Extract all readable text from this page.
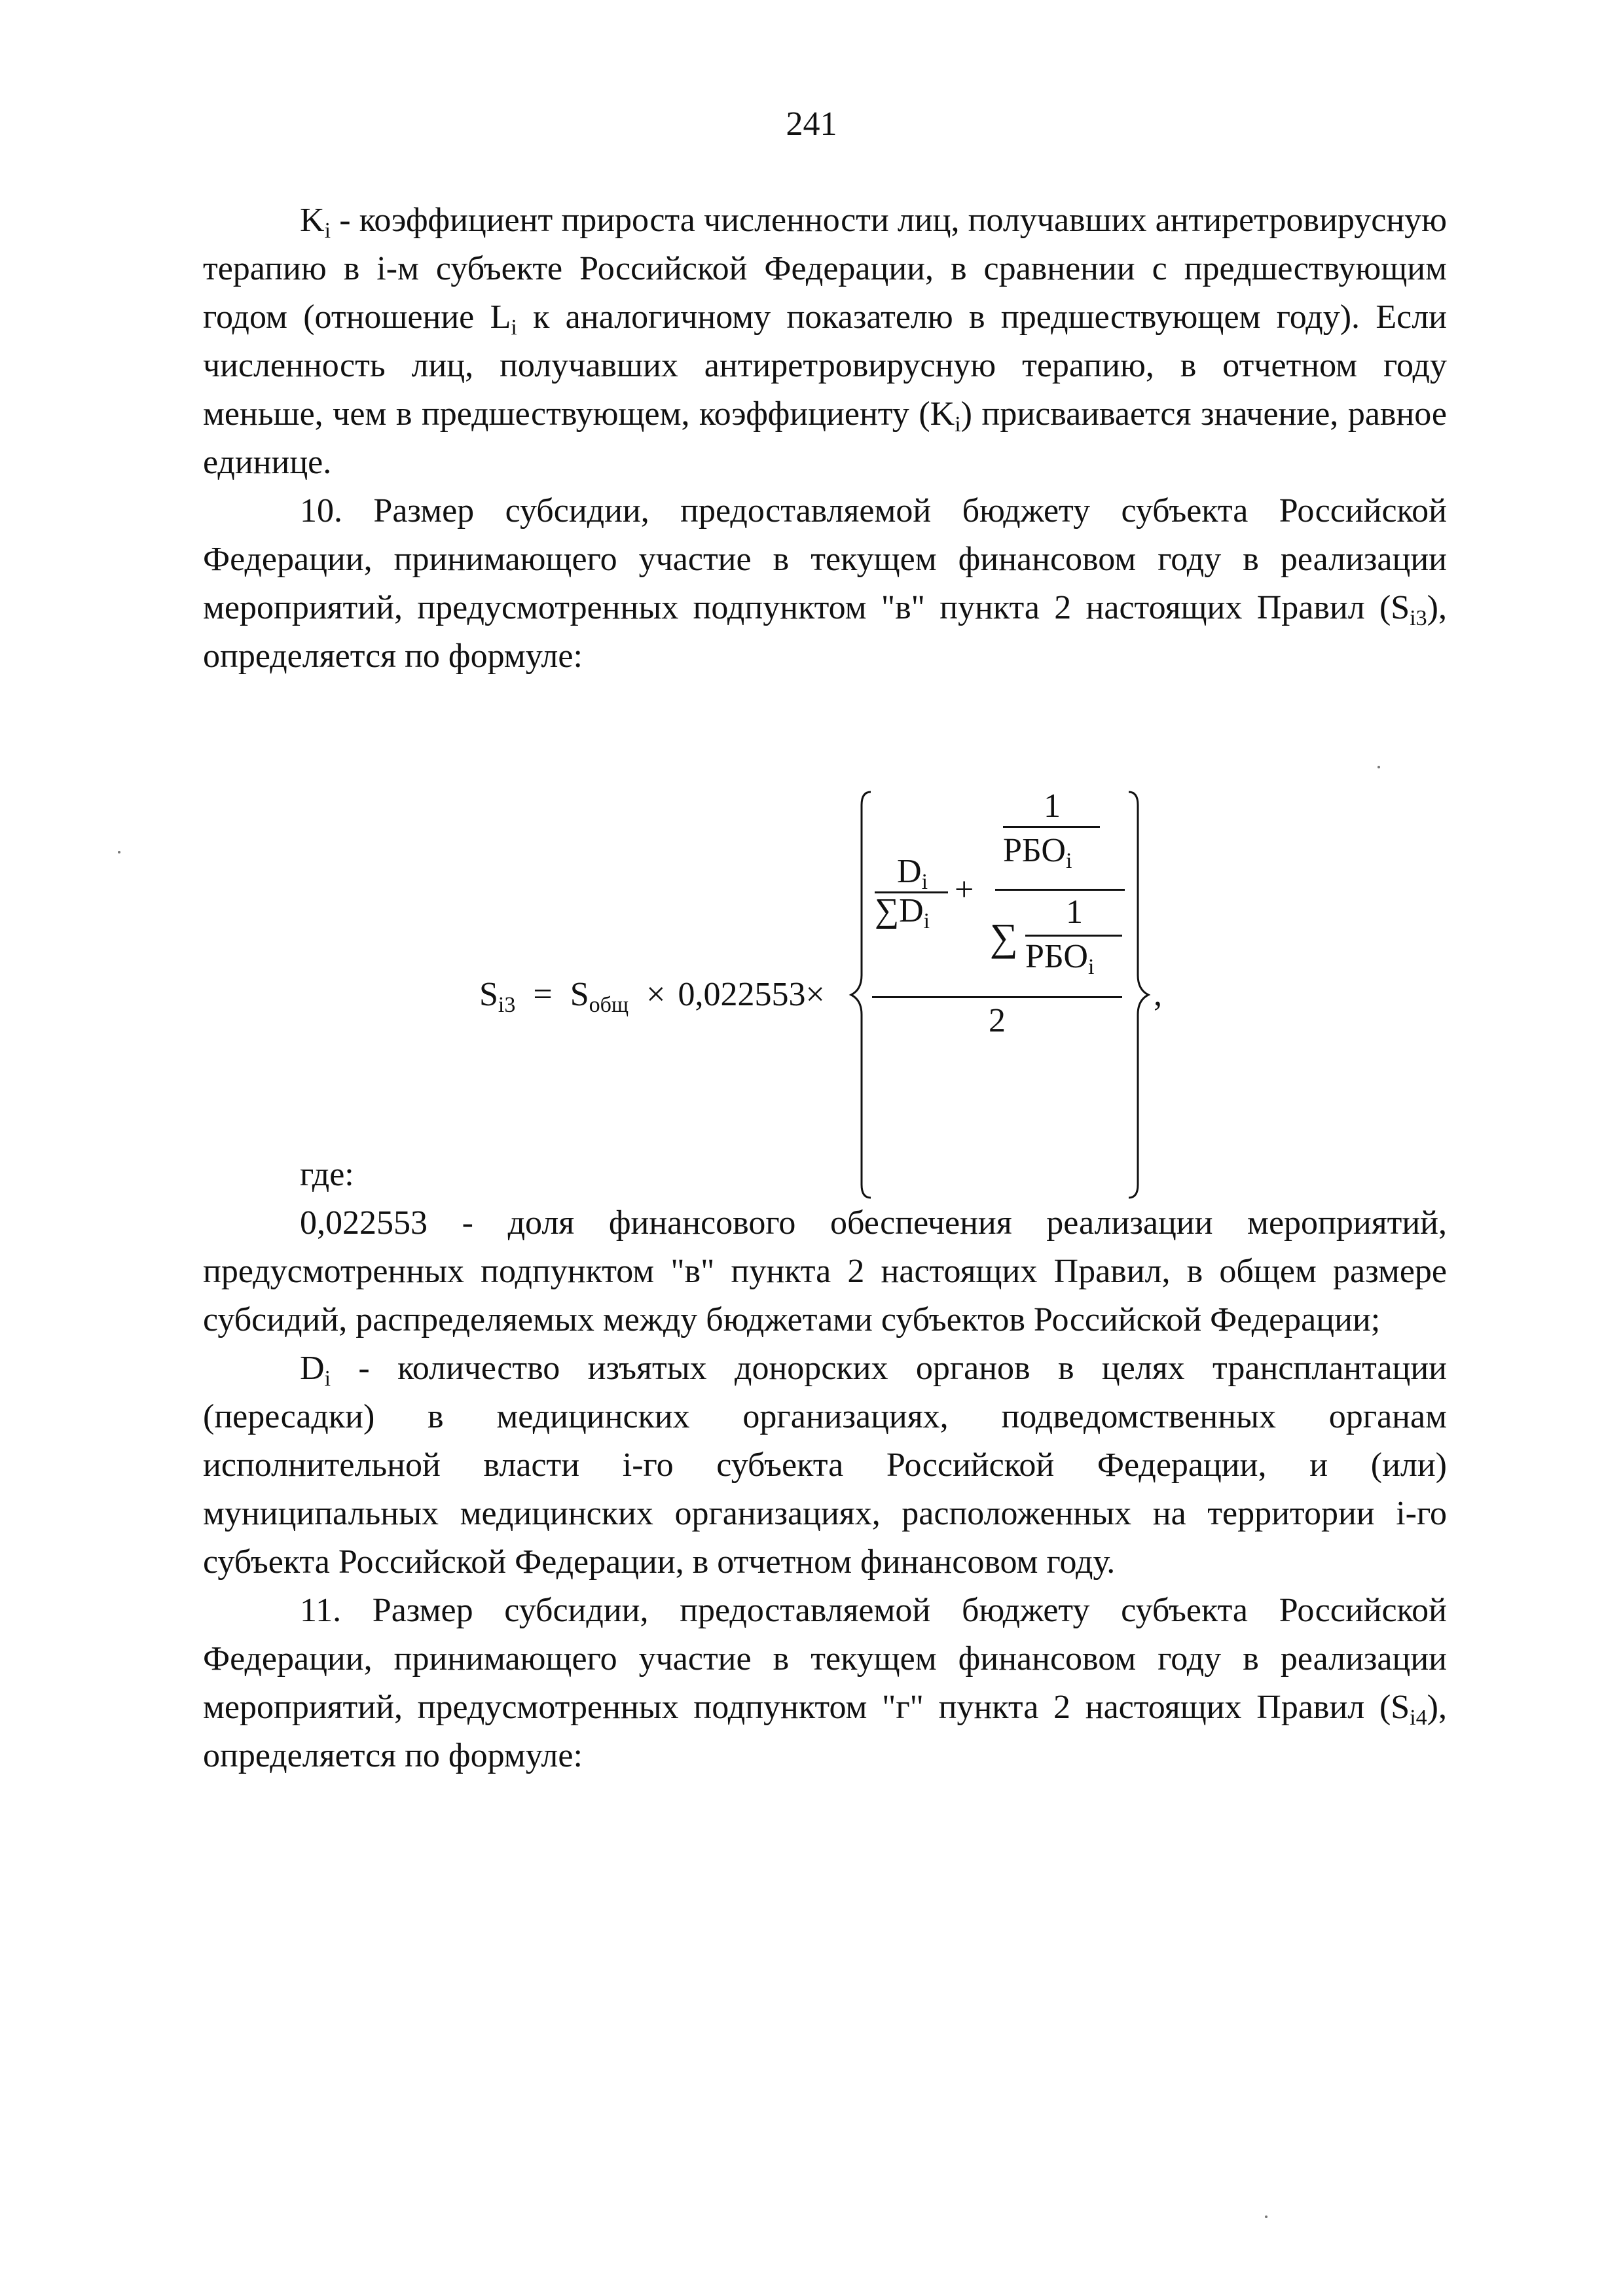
241

$K_i$ - коэффициент прироста численности лиц, получавших антиретровирусную терапию в i-м субъекте Российской Федерации, в сравнении с предшествующим годом (отношение $L_i$ к аналогичному показателю в предшествующем году). Если численность лиц, получавших антиретровирусную терапию, в отчетном году меньше, чем в предшествующем, коэффициенту $(K_i)$ присваивается значение, равное единице.

10. Размер субсидии, предоставляемой бюджету субъекта Российской Федерации, принимающего участие в текущем финансовом году в реализации мероприятий, предусмотренных подпунктом "в" пункта 2 настоящих Правил $(S_{i3})$, определяется по формуле:

где:

0,022553 - доля финансового обеспечения реализации мероприятий, предусмотренных подпунктом "в" пункта 2 настоящих Правил, в общем размере субсидий, распределяемых между бюджетами субъектов Российской Федерации;

$D_i$ - количество изъятых донорских органов в целях трансплантации (пересадки) в медицинских организациях, подведомственных органам исполнительной власти i-го субъекта Российской Федерации, и (или) муниципальных медицинских организациях, расположенных на территории i-го субъекта Российской Федерации, в отчетном финансовом году.

11. Размер субсидии, предоставляемой бюджету субъекта Российской Федерации, принимающего участие в текущем финансовом году в реализации мероприятий, предусмотренных подпунктом "г" пункта 2 настоящих Правил $(S_{i4})$, определяется по формуле:

$S_{i3} = S_{общ} \times 0,022553\times$
$D_i$
$\sum D_i$
+
1
$РБО_i$
∑
1
$РБО_i$
2
,
